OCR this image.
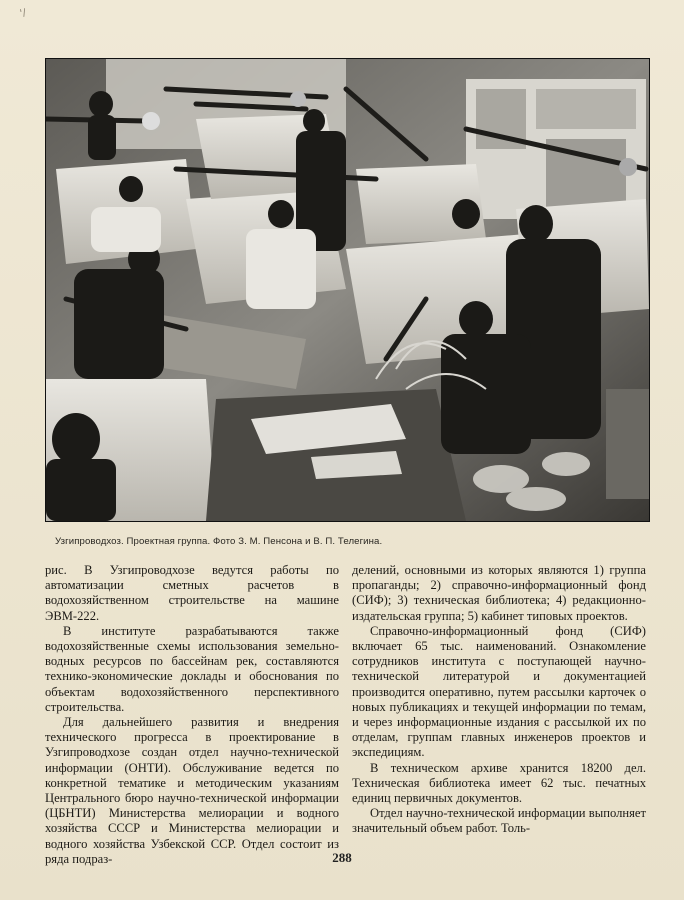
'/
Узгипроводхоз. Проектная группа. Фото З. М. Пенсона и В. П. Телегина.

рис. В Узгипроводхозе ведутся работы по автоматизации сметных расчетов в водохозяйственном строительстве на машине ЭВМ-222.

В институте разрабатываются также водохозяйственные схемы использования земельно-водных ресурсов по бассейнам рек, составляются технико-экономические доклады и обоснования по объектам водохозяйственного перспективного строительства.

Для дальнейшего развития и внедрения технического прогресса в проектирование в Узгипроводхозе создан отдел научно-технической информации (ОНТИ). Обслуживание ведется по конкретной тематике и методическим указаниям Центрального бюро научно-технической информации (ЦБНТИ) Министерства мелиорации и водного хозяйства СССР и Министерства мелиорации и водного хозяйства Узбекской ССР. Отдел состоит из ряда подраз-

делений, основными из которых являются 1) группа пропаганды; 2) справочно-информационный фонд (СИФ); 3) техническая библиотека; 4) редакционно-издательская группа; 5) кабинет типовых проектов.

Справочно-информационный фонд (СИФ) включает 65 тыс. наименований. Ознакомление сотрудников института с поступающей научно-технической литературой и документацией производится оперативно, путем рассылки карточек о новых публикациях и текущей информации по темам, и через информационные издания с рассылкой их по отделам, группам главных инженеров проектов и экспедициям.

В техническом архиве хранится 18200 дел. Техническая библиотека имеет 62 тыс. печатных единиц первичных документов.

Отдел научно-технической информации выполняет значительный объем работ. Толь-

288
